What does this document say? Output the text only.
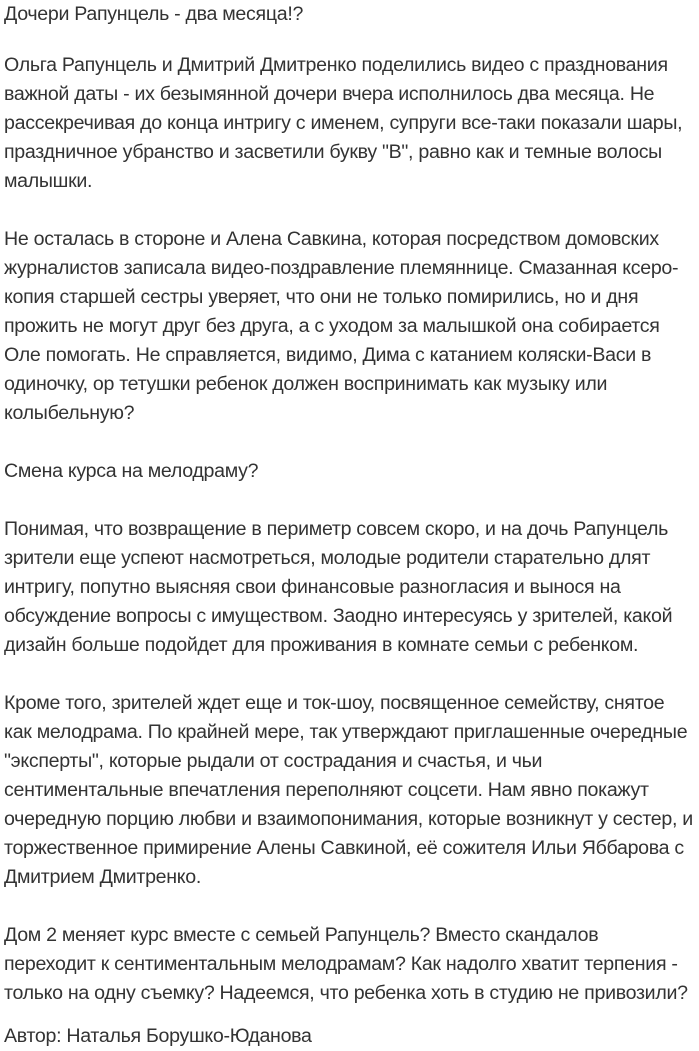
Дочери Рапунцель - два месяца!?

Ольга Рапунцель и Дмитрий Дмитренко поделились видео с празднования важной даты - их безымянной дочери вчера исполнилось два месяца. Не рассекречивая до конца интригу с именем, супруги все-таки показали шары, праздничное убранство и засветили букву "В", равно как и темные волосы малышки.

Не осталась в стороне и Алена Савкина, которая посредством домовских журналистов записала видео-поздравление племяннице. Смазанная ксеро-копия старшей сестры уверяет, что они не только помирились, но и дня прожить не могут друг без друга, а с уходом за малышкой она собирается Оле помогать. Не справляется, видимо, Дима с катанием коляски-Васи в одиночку, ор тетушки ребенок должен воспринимать как музыку или колыбельную?

Смена курса на мелодраму?

Понимая, что возвращение в периметр совсем скоро, и на дочь Рапунцель зрители еще успеют насмотреться, молодые родители старательно длят интригу, попутно выясняя свои финансовые разногласия и вынося на обсуждение вопросы с имуществом. Заодно интересуясь у зрителей, какой дизайн больше подойдет для проживания в комнате семьи с ребенком.

Кроме того, зрителей ждет еще и ток-шоу, посвященное семейству, снятое как мелодрама. По крайней мере, так утверждают приглашенные очередные "эксперты", которые рыдали от сострадания и счастья, и чьи сентиментальные впечатления переполняют соцсети. Нам явно покажут очередную порцию любви и взаимопонимания, которые возникнут у сестер, и торжественное примирение Алены Савкиной, её сожителя Ильи Яббарова с Дмитрием Дмитренко.

Дом 2 меняет курс вместе с семьей Рапунцель? Вместо скандалов переходит к сентиментальным мелодрамам? Как надолго хватит терпения - только на одну съемку? Надеемся, что ребенка хоть в студию не привозили?

Автор: Наталья Борушко-Юданова
